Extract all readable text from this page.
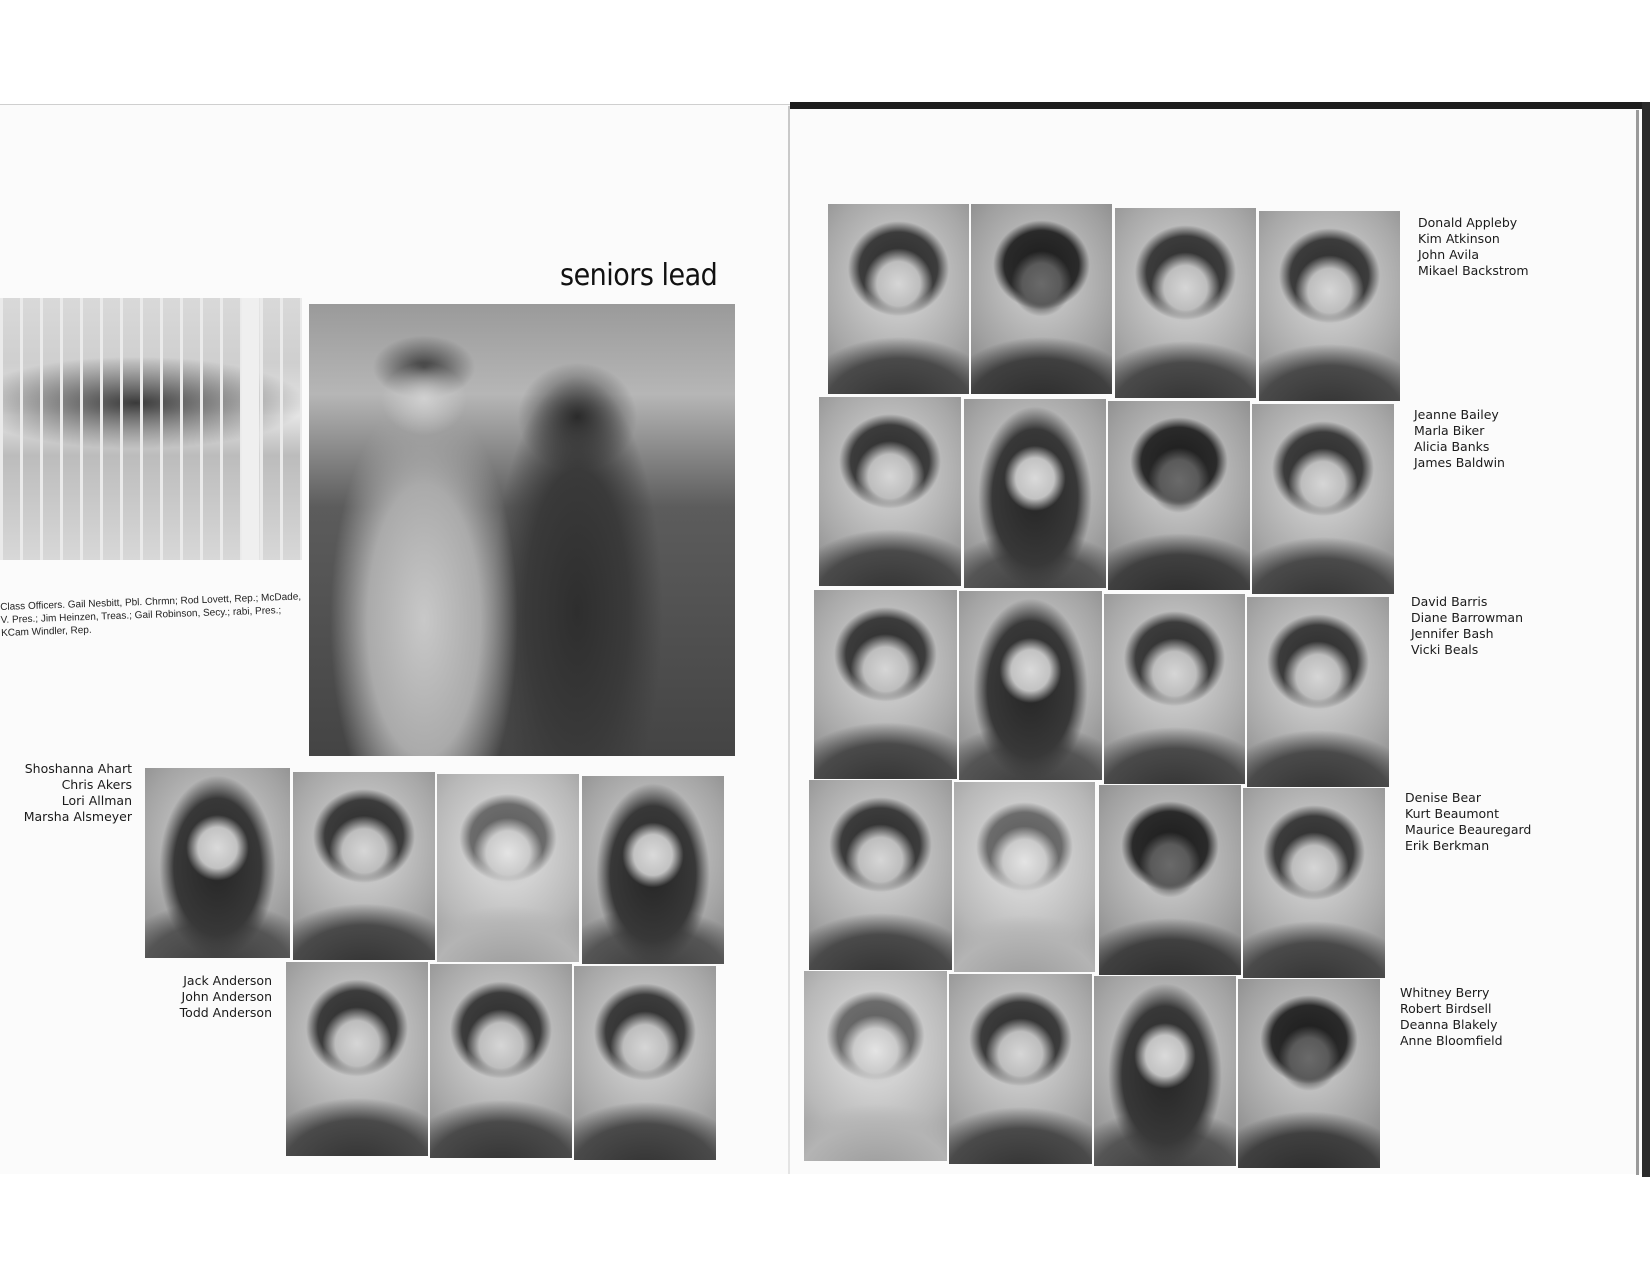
seniors lead

Class Officers. Gail Nesbitt, Pbl. Chrmn; Rod Lovett, Rep.; McDade, V. Pres.; Jim Heinzen, Treas.; Gail Robinson, Secy.; rabi, Pres.; KCam Windler, Rep.

Shoshanna Ahart
Chris Akers
Lori Allman
Marsha Alsmeyer
Jack Anderson
John Anderson
Todd Anderson
Donald Appleby
Kim Atkinson
John Avila
Mikael Backstrom
Jeanne Bailey
Marla Biker
Alicia Banks
James Baldwin
David Barris
Diane Barrowman
Jennifer Bash
Vicki Beals
Denise Bear
Kurt Beaumont
Maurice Beauregard
Erik Berkman
Whitney Berry
Robert Birdsell
Deanna Blakely
Anne Bloomfield
